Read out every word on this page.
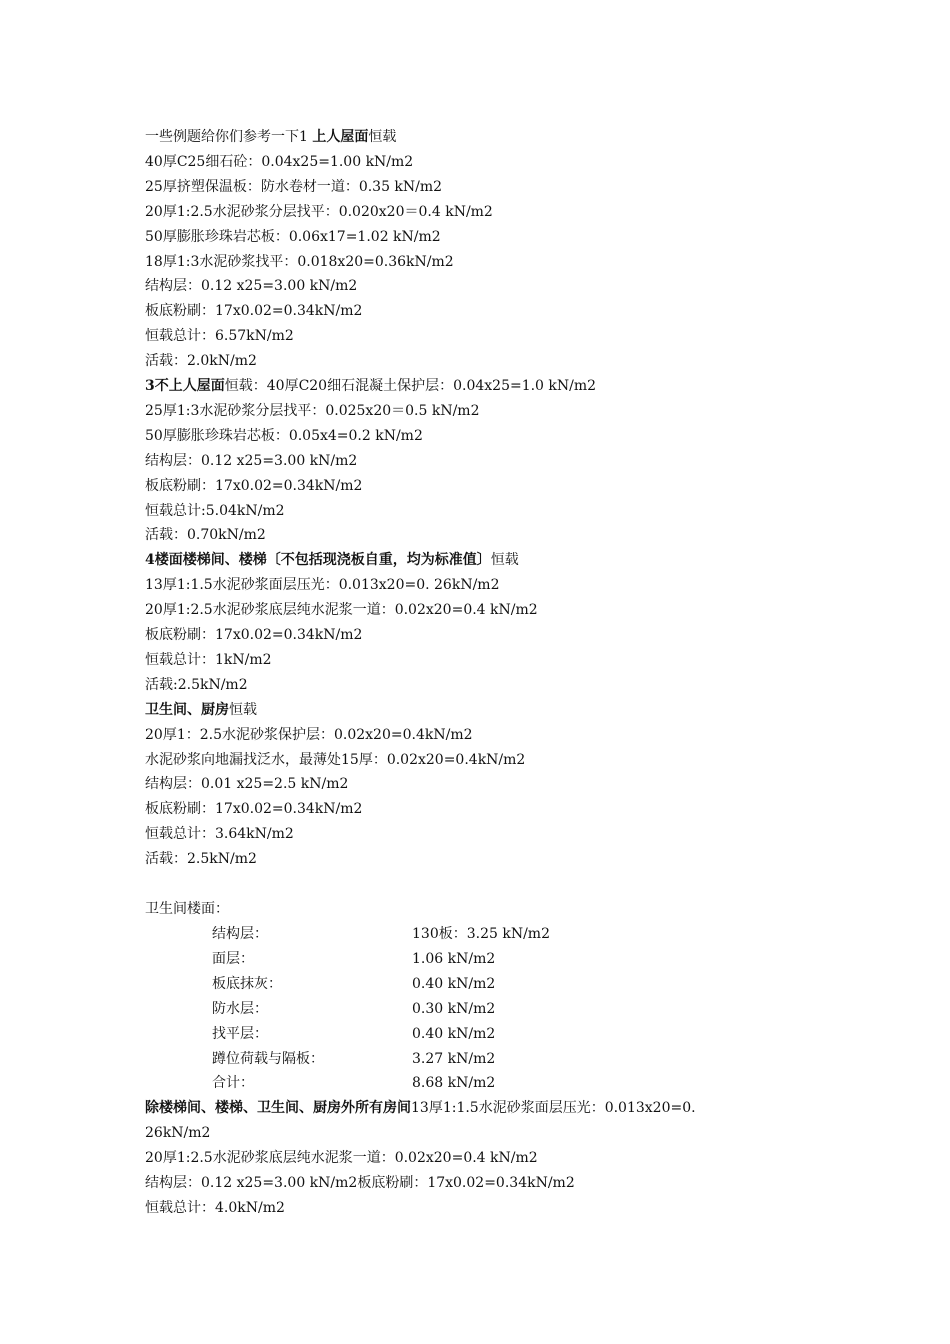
一些例题给你们参考一下1 上人屋面恒载
40厚C25细石砼：0.04x25=1.00 kN/m2
25厚挤塑保温板：防水卷材一道：0.35 kN/m2
20厚1:2.5水泥砂浆分层找平：0.020x20＝0.4 kN/m2
50厚膨胀珍珠岩芯板：0.06x17=1.02 kN/m2
18厚1:3水泥砂浆找平：0.018x20=0.36kN/m2
结构层：0.12 x25=3.00 kN/m2
板底粉刷：17x0.02=0.34kN/m2
恒载总计：6.57kN/m2
活载：2.0kN/m2
3不上人屋面恒载：40厚C20细石混凝土保护层：0.04x25=1.0 kN/m2
25厚1:3水泥砂浆分层找平：0.025x20＝0.5 kN/m2
50厚膨胀珍珠岩芯板：0.05x4=0.2 kN/m2
结构层：0.12 x25=3.00 kN/m2
板底粉刷：17x0.02=0.34kN/m2
恒载总计:5.04kN/m2
活载：0.70kN/m2
4楼面楼梯间、楼梯〔不包括现浇板自重，均为标准值〕恒载
13厚1:1.5水泥砂浆面层压光：0.013x20=0. 26kN/m2
20厚1:2.5水泥砂浆底层纯水泥浆一道：0.02x20=0.4 kN/m2
板底粉刷：17x0.02=0.34kN/m2
恒载总计：1kN/m2
活载:2.5kN/m2
卫生间、厨房恒载
20厚1：2.5水泥砂浆保护层：0.02x20=0.4kN/m2
水泥砂浆向地漏找泛水，最薄处15厚：0.02x20=0.4kN/m2
结构层：0.01 x25=2.5 kN/m2
板底粉刷：17x0.02=0.34kN/m2
恒载总计：3.64kN/m2
活载：2.5kN/m2
卫生间楼面：
结构层：	130板：3.25 kN/m2
面层：	1.06 kN/m2
板底抹灰：	0.40 kN/m2
防水层：	0.30 kN/m2
找平层：	0.40 kN/m2
蹲位荷载与隔板：	3.27 kN/m2
合计：	8.68 kN/m2
除楼梯间、楼梯、卫生间、厨房外所有房间13厚1:1.5水泥砂浆面层压光：0.013x20=0.
26kN/m2
20厚1:2.5水泥砂浆底层纯水泥浆一道：0.02x20=0.4 kN/m2
结构层：0.12 x25=3.00 kN/m2板底粉刷：17x0.02=0.34kN/m2
恒载总计：4.0kN/m2
